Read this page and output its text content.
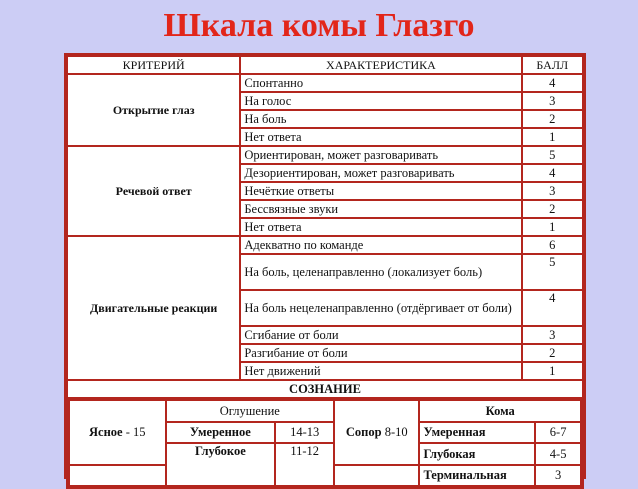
Шкала комы Глазго
КРИТЕРИЙ	ХАРАКТЕРИСТИКА	БАЛЛ
Открытие глаз	Спонтанно	4
На голос	3
На боль	2
Нет ответа	1
Речевой ответ	Ориентирован, может разговаривать	5
Дезориентирован, может разговаривать	4
Нечёткие ответы	3
Бессвязные звуки	2
Нет ответа	1
Двигательные реакции	Адекватно по команде	6
На боль, целенаправленно (локализует боль)	5
На боль нецеленаправленно (отдёргивает от боли)	4
Сгибание от боли	3
Разгибание от боли	2
Нет движений	1
СОЗНАНИЕ

Ясное - 15	Оглушение	Сопор 8-10	Кома
Умеренное	14-13	Умеренная	6-7
Глубокое	11-12	Глубокая	4-5
		Терминальная	3
